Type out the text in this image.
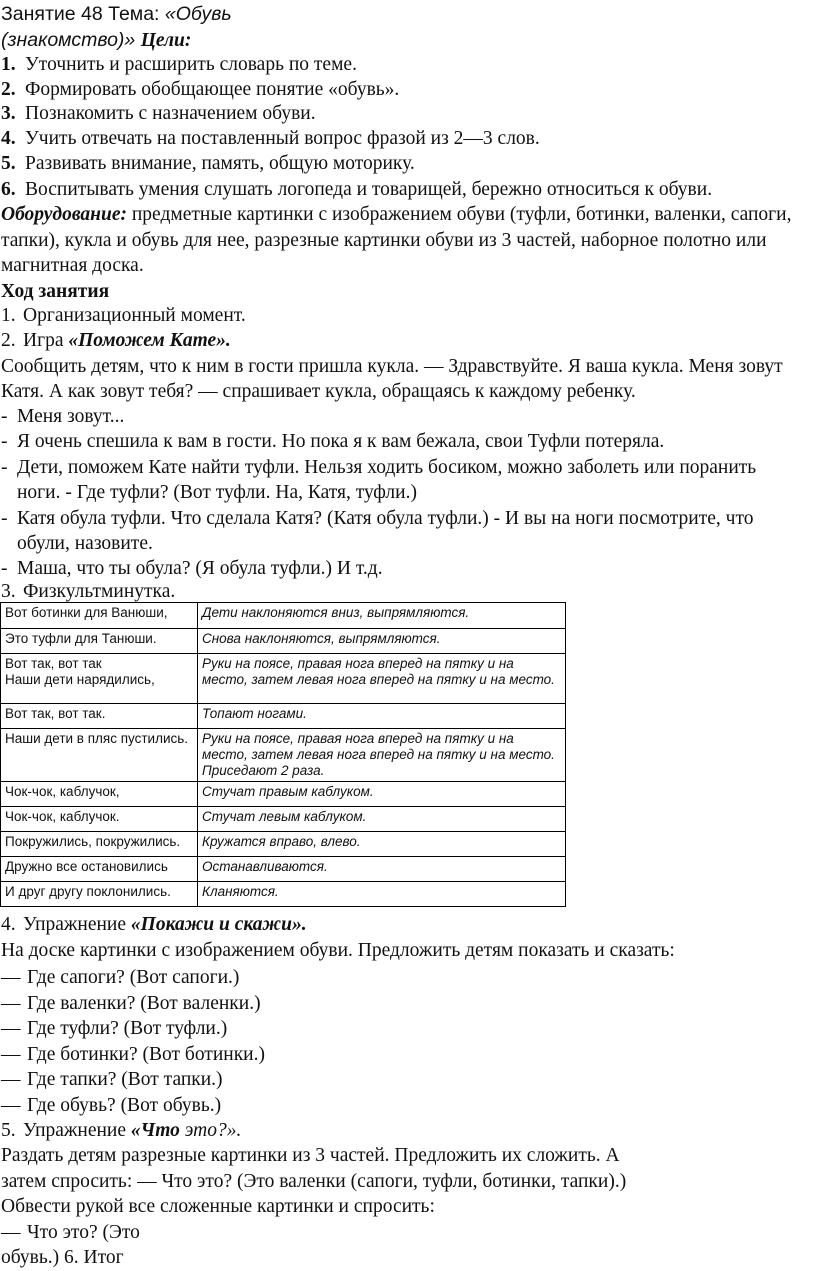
Занятие 48 Тема: «Обувь
(знакомство)» Цели:
1. Уточнить и расширить словарь по теме.
2. Формировать обобщающее понятие «обувь».
3. Познакомить с назначением обуви.
4. Учить отвечать на поставленный вопрос фразой из 2—3 слов.
5. Развивать внимание, память, общую моторику.
6. Воспитывать умения слушать логопеда и товарищей, бережно относиться к обуви.
Оборудование: предметные картинки с изображением обуви (туфли, ботинки, валенки, сапоги,
тапки), кукла и обувь для нее, разрезные картинки обуви из 3 частей, наборное полотно или
магнитная доска.
Ход занятия
1. Организационный момент.
2. Игра «Поможем Кате».
Сообщить детям, что к ним в гости пришла кукла. — Здравствуйте. Я ваша кукла. Меня зовут
Катя. А как зовут тебя? — спрашивает кукла, обращаясь к каждому ребенку.
- Меня зовут...
- Я очень спешила к вам в гости. Но пока я к вам бежала, свои Туфли потеряла.
- Дети, поможем Кате найти туфли. Нельзя ходить босиком, можно заболеть или поранить
ноги. - Где туфли? (Вот туфли. На, Катя, туфли.)
- Катя обула туфли. Что сделала Катя? (Катя обула туфли.) - И вы на ноги посмотрите, что
обули, назовите.
- Маша, что ты обула? (Я обула туфли.) И т.д.
3. Физкультминутка.
Вот ботинки для Ванюши,	Дети наклоняются вниз, выпрямляются.
Это туфли для Танюши.	Снова наклоняются, выпрямляются.
Вот так, вот так
Наши дети нарядились,	Руки на поясе, правая нога вперед на пятку и на место, затем левая нога вперед на пятку и на место.
Вот так, вот так.	Топают ногами.
Наши дети в пляс пустились.	Руки на поясе, правая нога вперед на пятку и на место, затем левая нога вперед на пятку и на место. Приседают 2 раза.
Чок-чок, каблучок,	Стучат правым каблуком.
Чок-чок, каблучок.	Стучат левым каблуком.
Покружились, покружились.	Кружатся вправо, влево.
Дружно все остановились	Останавливаются.
И друг другу поклонились.	Кланяются.
4. Упражнение «Покажи и скажи».
На доске картинки с изображением обуви. Предложить детям показать и сказать:
— Где сапоги? (Вот сапоги.)
— Где валенки? (Вот валенки.)
— Где туфли? (Вот туфли.)
— Где ботинки? (Вот ботинки.)
— Где тапки? (Вот тапки.)
— Где обувь? (Вот обувь.)
5. Упражнение «Что это?».
Раздать детям разрезные картинки из 3 частей. Предложить их сложить. А
затем спросить: — Что это? (Это валенки (сапоги, туфли, ботинки, тапки).)
Обвести рукой все сложенные картинки и спросить:
— Что это? (Это
обувь.) 6. Итог
